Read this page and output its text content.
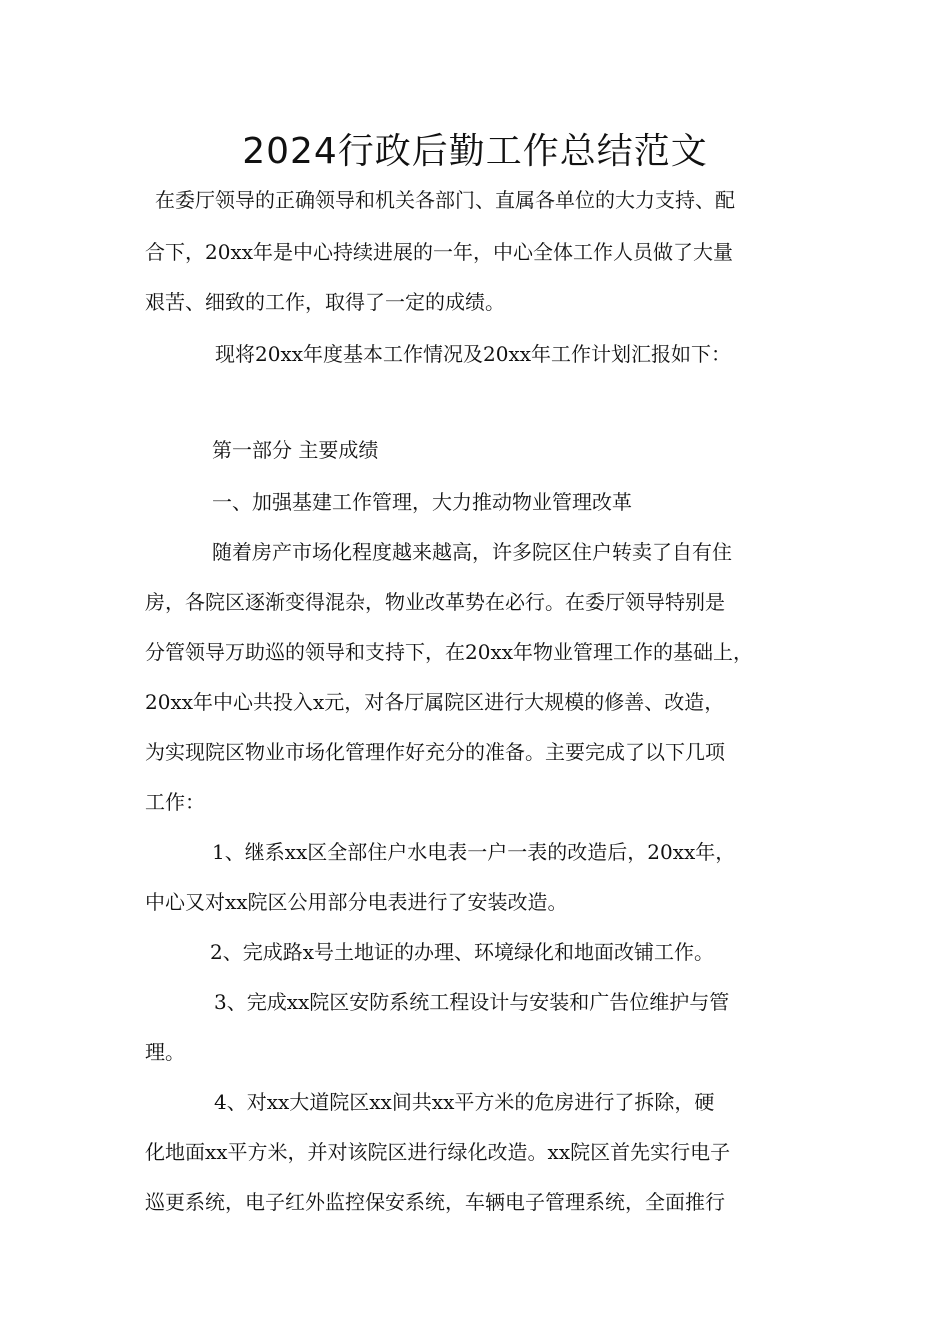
2024行政后勤工作总结范文

在委厅领导的正确领导和机关各部门、直属各单位的大力支持、配

合下，20xx年是中心持续进展的一年，中心全体工作人员做了大量

艰苦、细致的工作，取得了一定的成绩。

现将20xx年度基本工作情况及20xx年工作计划汇报如下：

第一部分 主要成绩

一、加强基建工作管理，大力推动物业管理改革

随着房产市场化程度越来越高，许多院区住户转卖了自有住

房，各院区逐渐变得混杂，物业改革势在必行。在委厅领导特别是

分管领导万助巡的领导和支持下，在20xx年物业管理工作的基础上，

20xx年中心共投入x元，对各厅属院区进行大规模的修善、改造，

为实现院区物业市场化管理作好充分的准备。主要完成了以下几项

工作：

1、继系xx区全部住户水电表一户一表的改造后，20xx年，

中心又对xx院区公用部分电表进行了安装改造。

2、完成路x号土地证的办理、环境绿化和地面改铺工作。

3、完成xx院区安防系统工程设计与安装和广告位维护与管

理。

4、对xx大道院区xx间共xx平方米的危房进行了拆除，硬

化地面xx平方米，并对该院区进行绿化改造。xx院区首先实行电子

巡更系统，电子红外监控保安系统，车辆电子管理系统，全面推行
